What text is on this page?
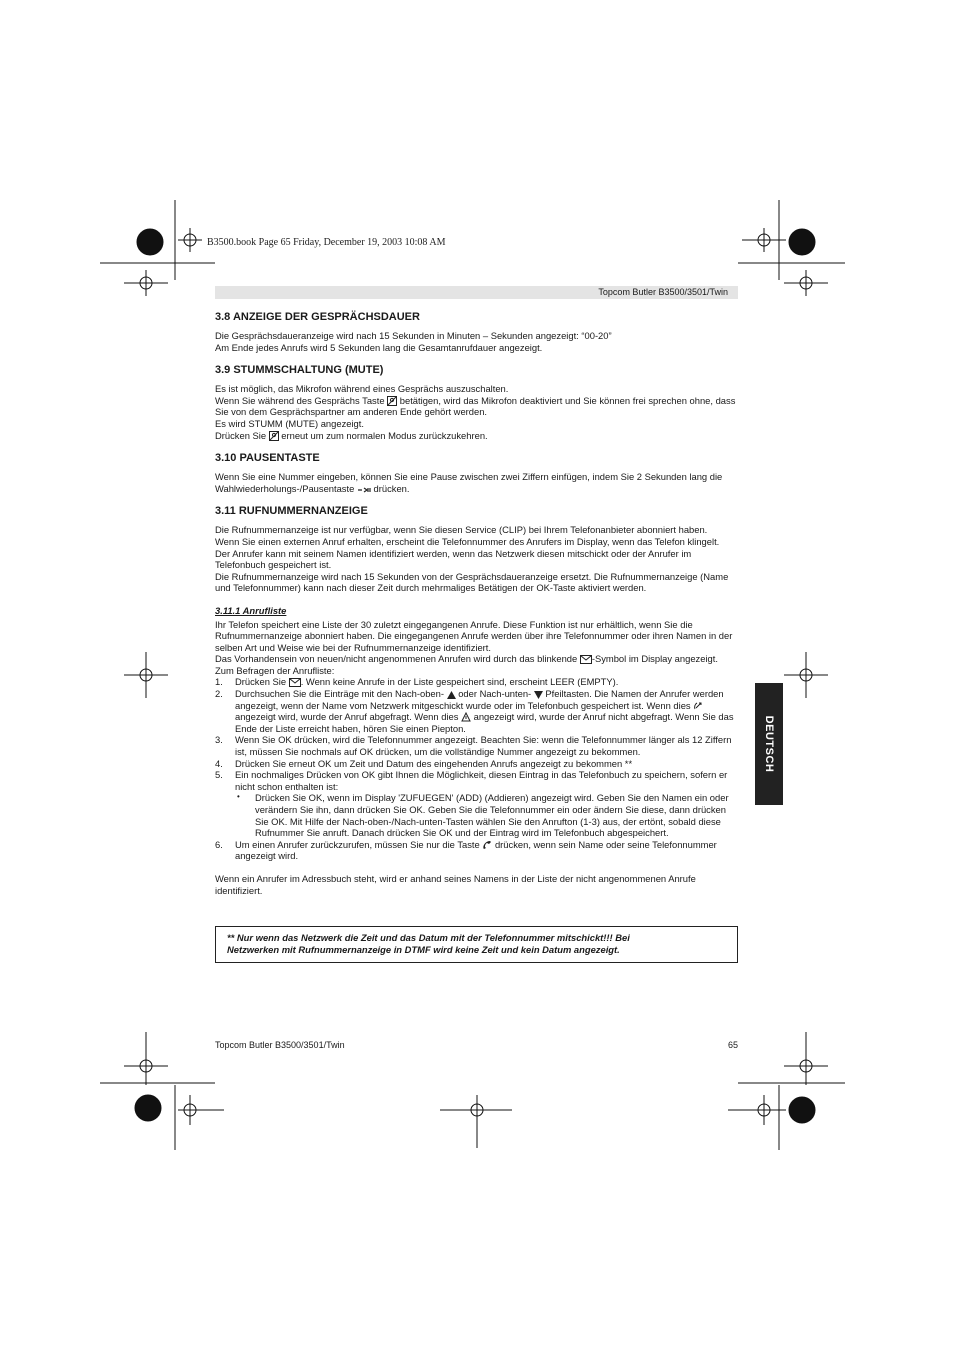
B3500.book Page 65 Friday, December 19, 2003 10:08 AM
Topcom Butler B3500/3501/Twin
3.8 ANZEIGE DER GESPRÄCHSDAUER

Die Gesprächsdaueranzeige wird nach 15 Sekunden in Minuten – Sekunden angezeigt: “00-20”

Am Ende jedes Anrufs wird 5 Sekunden lang die Gesamtanrufdauer angezeigt.

3.9 STUMMSCHALTUNG (MUTE)

Es ist möglich, das Mikrofon während eines Gesprächs auszuschalten.

Wenn Sie während des Gesprächs Taste betätigen, wird das Mikrofon deaktiviert und Sie können frei sprechen ohne, dass Sie von dem Gesprächspartner am anderen Ende gehört werden.

Es wird STUMM (MUTE) angezeigt.

Drücken Sie erneut um zum normalen Modus zurückzukehren.

3.10 PAUSENTASTE

Wenn Sie eine Nummer eingeben, können Sie eine Pause zwischen zwei Ziffern einfügen, indem Sie 2 Sekunden lang die Wahlwiederholungs-/Pausentaste drücken.

3.11 RUFNUMMERNANZEIGE

Die Rufnummernanzeige ist nur verfügbar, wenn Sie diesen Service (CLIP) bei Ihrem Telefonanbieter abonniert haben.

Wenn Sie einen externen Anruf erhalten, erscheint die Telefonnummer des Anrufers im Display, wenn das Telefon klingelt.

Der Anrufer kann mit seinem Namen identifiziert werden, wenn das Netzwerk diesen mitschickt oder der Anrufer im Telefonbuch gespeichert ist.

Die Rufnummernanzeige wird nach 15 Sekunden von der Gesprächsdaueranzeige ersetzt. Die Rufnummernanzeige (Name und Telefonnummer) kann nach dieser Zeit durch mehrmaliges Betätigen der OK-Taste aktiviert werden.

3.11.1 Anrufliste

Ihr Telefon speichert eine Liste der 30 zuletzt eingegangenen Anrufe. Diese Funktion ist nur erhältlich, wenn Sie die Rufnummernanzeige abonniert haben. Die eingegangenen Anrufe werden über ihre Telefonnummer oder ihren Namen in der selben Art und Weise wie bei der Rufnummernanzeige identifiziert.

Das Vorhandensein von neuen/nicht angenommenen Anrufen wird durch das blinkende -Symbol im Display angezeigt. Zum Befragen der Anrufliste:

1. Drücken Sie . Wenn keine Anrufe in der Liste gespeichert sind, erscheint LEER (EMPTY).
2. Durchsuchen Sie die Einträge mit den Nach-oben- oder Nach-unten- Pfeiltasten. Die Namen der Anrufer werden angezeigt, wenn der Name vom Netzwerk mitgeschickt wurde oder im Telefonbuch gespeichert ist. Wenn dies  angezeigt wird, wurde der Anruf abgefragt. Wenn dies angezeigt wird, wurde der Anruf nicht abgefragt. Wenn Sie das Ende der Liste erreicht haben, hören Sie einen Piepton.
3. Wenn Sie OK drücken, wird die Telefonnummer angezeigt. Beachten Sie: wenn die Telefonnummer länger als 12 Ziffern ist, müssen Sie nochmals auf OK drücken, um die vollständige Nummer angezeigt zu bekommen.
4. Drücken Sie erneut OK um Zeit und Datum des eingehenden Anrufs angezeigt zu bekommen **
5. Ein nochmaliges Drücken von OK gibt Ihnen die Möglichkeit, diesen Eintrag in das Telefonbuch zu speichern, sofern er nicht schon enthalten ist:
• Drücken Sie OK, wenn im Display 'ZUFUEGEN' (ADD) (Addieren) angezeigt wird. Geben Sie den Namen ein oder verändern Sie ihn, dann drücken Sie OK. Geben Sie die Telefonnummer ein oder ändern Sie diese, dann drücken Sie OK. Mit Hilfe der Nach-oben-/Nach-unten-Tasten wählen Sie den Anrufton (1-3) aus, der ertönt, sobald diese Rufnummer Sie anruft. Danach drücken Sie OK und der Eintrag wird im Telefonbuch abgespeichert.
6. Um einen Anrufer zurückzurufen, müssen Sie nur die Taste drücken, wenn sein Name oder seine Telefonnummer angezeigt wird.

Wenn ein Anrufer im Adressbuch steht, wird er anhand seines Namens in der Liste der nicht angenommenen Anrufe identifiziert.

** Nur wenn das Netzwerk die Zeit und das Datum mit der Telefonnummer mitschickt!!! Bei
Netzwerken mit Rufnummernanzeige in DTMF wird keine Zeit und kein Datum angezeigt.

DEUTSCH
Topcom Butler B3500/3501/Twin	65
